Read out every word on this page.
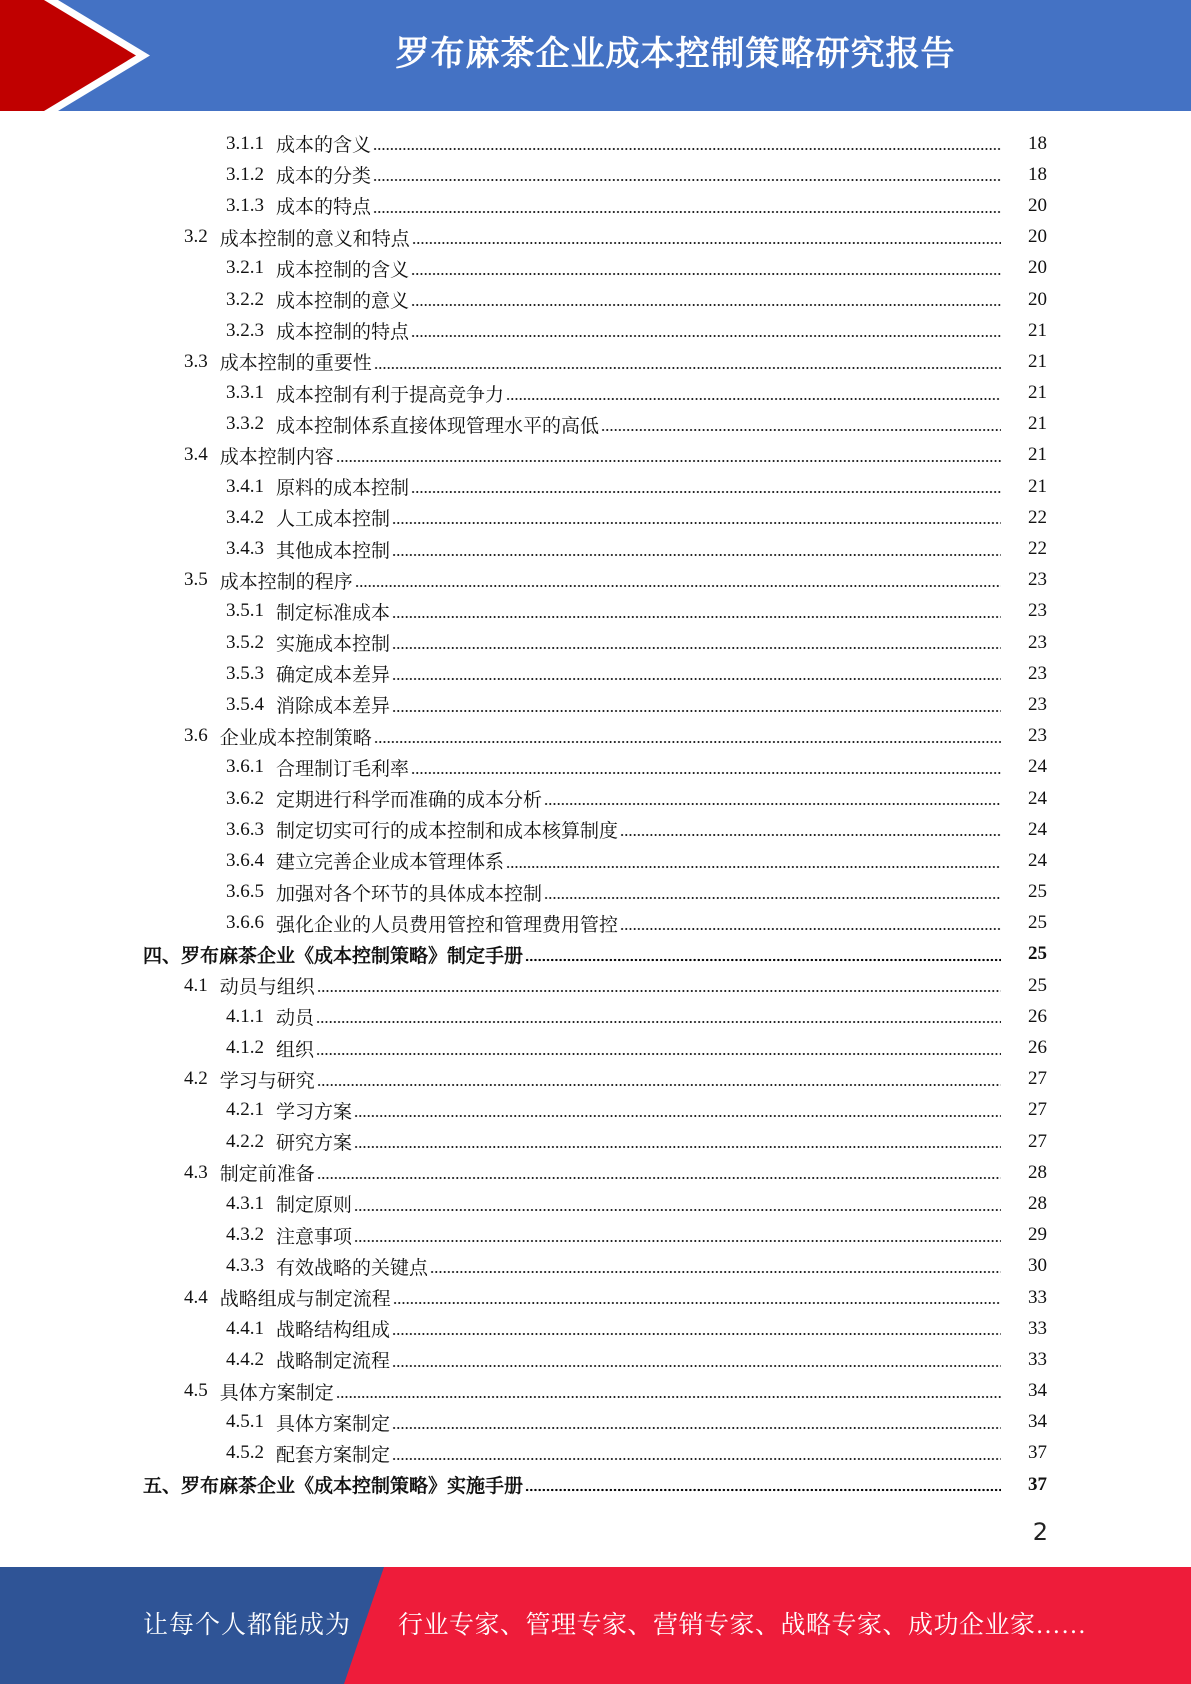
罗布麻茶企业成本控制策略研究报告
3.1.1 成本的含义	18
3.1.2 成本的分类	18
3.1.3 成本的特点	20
3.2 成本控制的意义和特点	20
3.2.1 成本控制的含义	20
3.2.2 成本控制的意义	20
3.2.3 成本控制的特点	21
3.3 成本控制的重要性	21
3.3.1 成本控制有利于提高竞争力	21
3.3.2 成本控制体系直接体现管理水平的高低	21
3.4 成本控制内容	21
3.4.1 原料的成本控制	21
3.4.2 人工成本控制	22
3.4.3 其他成本控制	22
3.5 成本控制的程序	23
3.5.1 制定标准成本	23
3.5.2 实施成本控制	23
3.5.3 确定成本差异	23
3.5.4 消除成本差异	23
3.6 企业成本控制策略	23
3.6.1 合理制订毛利率	24
3.6.2 定期进行科学而准确的成本分析	24
3.6.3 制定切实可行的成本控制和成本核算制度	24
3.6.4 建立完善企业成本管理体系	24
3.6.5 加强对各个环节的具体成本控制	25
3.6.6 强化企业的人员费用管控和管理费用管控	25
四、 罗布麻茶企业《成本控制策略》制定手册	25
4.1 动员与组织	25
4.1.1 动员	26
4.1.2 组织	26
4.2 学习与研究	27
4.2.1 学习方案	27
4.2.2 研究方案	27
4.3 制定前准备	28
4.3.1 制定原则	28
4.3.2 注意事项	29
4.3.3 有效战略的关键点	30
4.4 战略组成与制定流程	33
4.4.1 战略结构组成	33
4.4.2 战略制定流程	33
4.5 具体方案制定	34
4.5.1 具体方案制定	34
4.5.2 配套方案制定	37
五、 罗布麻茶企业《成本控制策略》实施手册	37
2
让每个人都能成为 行业专家、管理专家、营销专家、战略专家、成功企业家……
